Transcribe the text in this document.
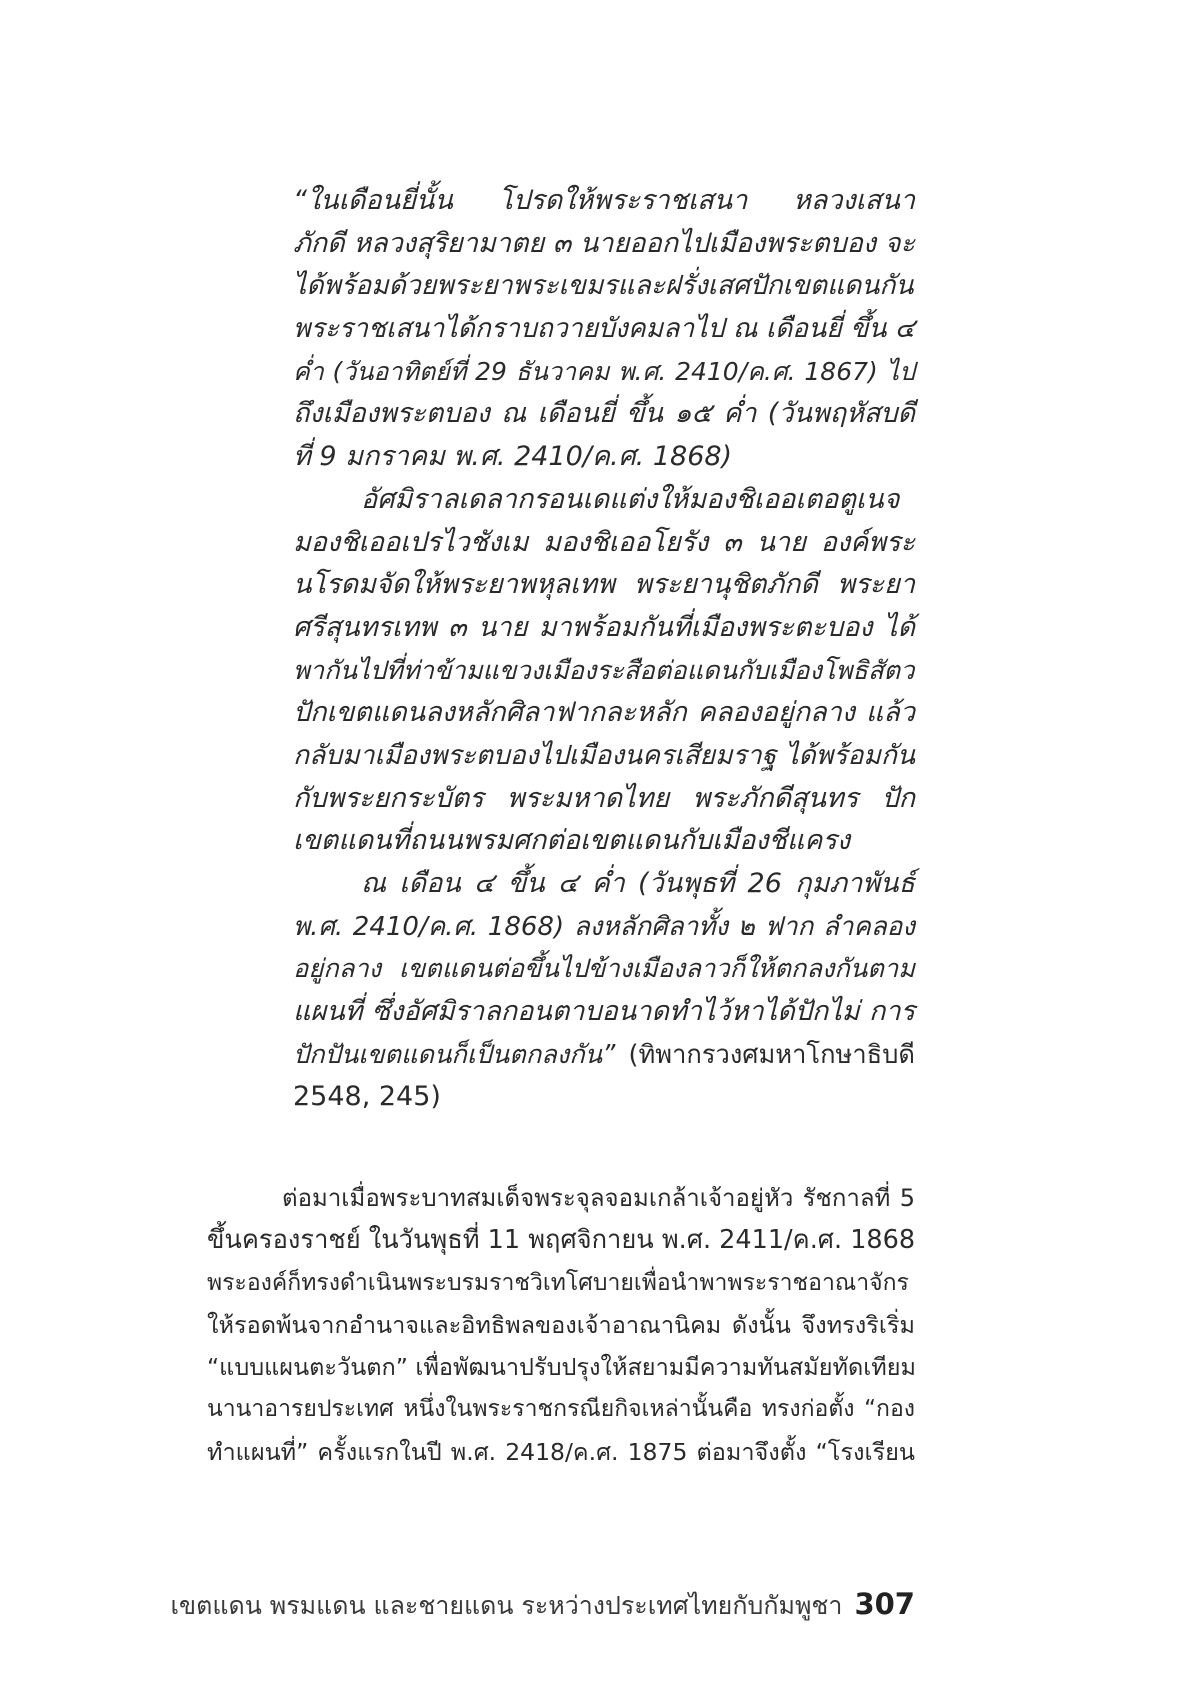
“ในเดือนยี่นั้น โปรดให้พระราชเสนา หลวงเสนา
ภักดี หลวงสุริยามาตย ๓ นายออกไปเมืองพระตบอง จะ
ได้พร้อมด้วยพระยาพระเขมรและฝรั่งเสศปักเขตแดนกัน
พระราชเสนาได้กราบถวายบังคมลาไป ณ เดือนยี่ ขึ้น ๔
ค่ำ (วันอาทิตย์ที่ 29 ธันวาคม พ.ศ. 2410/ค.ศ. 1867) ไป
ถึงเมืองพระตบอง ณ เดือนยี่ ขึ้น ๑๕ ค่ำ (วันพฤหัสบดี
ที่ 9 มกราคม พ.ศ. 2410/ค.ศ. 1868)
อัศมิราลเดลากรอนเดแต่งให้มองชิเออเตอตูเนจ
มองชิเออเปรไวชังเม มองชิเออโยรัง ๓ นาย องค์พระ
นโรดมจัดให้พระยาพหุลเทพ พระยานุชิตภักดี พระยา
ศรีสุนทรเทพ ๓ นาย มาพร้อมกันที่เมืองพระตะบอง ได้
พากันไปที่ท่าข้ามแขวงเมืองระสือต่อแดนกับเมืองโพธิสัตว
ปักเขตแดนลงหลักศิลาฟากละหลัก คลองอยู่กลาง แล้ว
กลับมาเมืองพระตบองไปเมืองนครเสียมราฐ ได้พร้อมกัน
กับพระยกระบัตร พระมหาดไทย พระภักดีสุนทร ปัก
เขตแดนที่ถนนพรมศกต่อเขตแดนกับเมืองชีแครง
ณ เดือน ๔ ขึ้น ๔ ค่ำ (วันพุธที่ 26 กุมภาพันธ์
พ.ศ. 2410/ค.ศ. 1868) ลงหลักศิลาทั้ง ๒ ฟาก ลำคลอง
อยู่กลาง เขตแดนต่อขึ้นไปข้างเมืองลาวก็ให้ตกลงกันตาม
แผนที่ ซึ่งอัศมิราลกอนตาบอนาดทำไว้หาได้ปักไม่ การ
ปักปันเขตแดนก็เป็นตกลงกัน” (ทิพากรวงศมหาโกษาธิบดี
2548, 245)
ต่อมาเมื่อพระบาทสมเด็จพระจุลจอมเกล้าเจ้าอยู่หัว รัชกาลที่ 5
ขึ้นครองราชย์ ในวันพุธที่ 11 พฤศจิกายน พ.ศ. 2411/ค.ศ. 1868
พระองค์ก็ทรงดำเนินพระบรมราชวิเทโศบายเพื่อนำพาพระราชอาณาจักร
ให้รอดพ้นจากอำนาจและอิทธิพลของเจ้าอาณานิคม ดังนั้น จึงทรงริเริ่ม
“แบบแผนตะวันตก” เพื่อพัฒนาปรับปรุงให้สยามมีความทันสมัยทัดเทียม
นานาอารยประเทศ หนึ่งในพระราชกรณียกิจเหล่านั้นคือ ทรงก่อตั้ง “กอง
ทำแผนที่” ครั้งแรกในปี พ.ศ. 2418/ค.ศ. 1875 ต่อมาจึงตั้ง “โรงเรียน
เขตแดน พรมแดน และชายแดน ระหว่างประเทศไทยกับกัมพูชา 307
